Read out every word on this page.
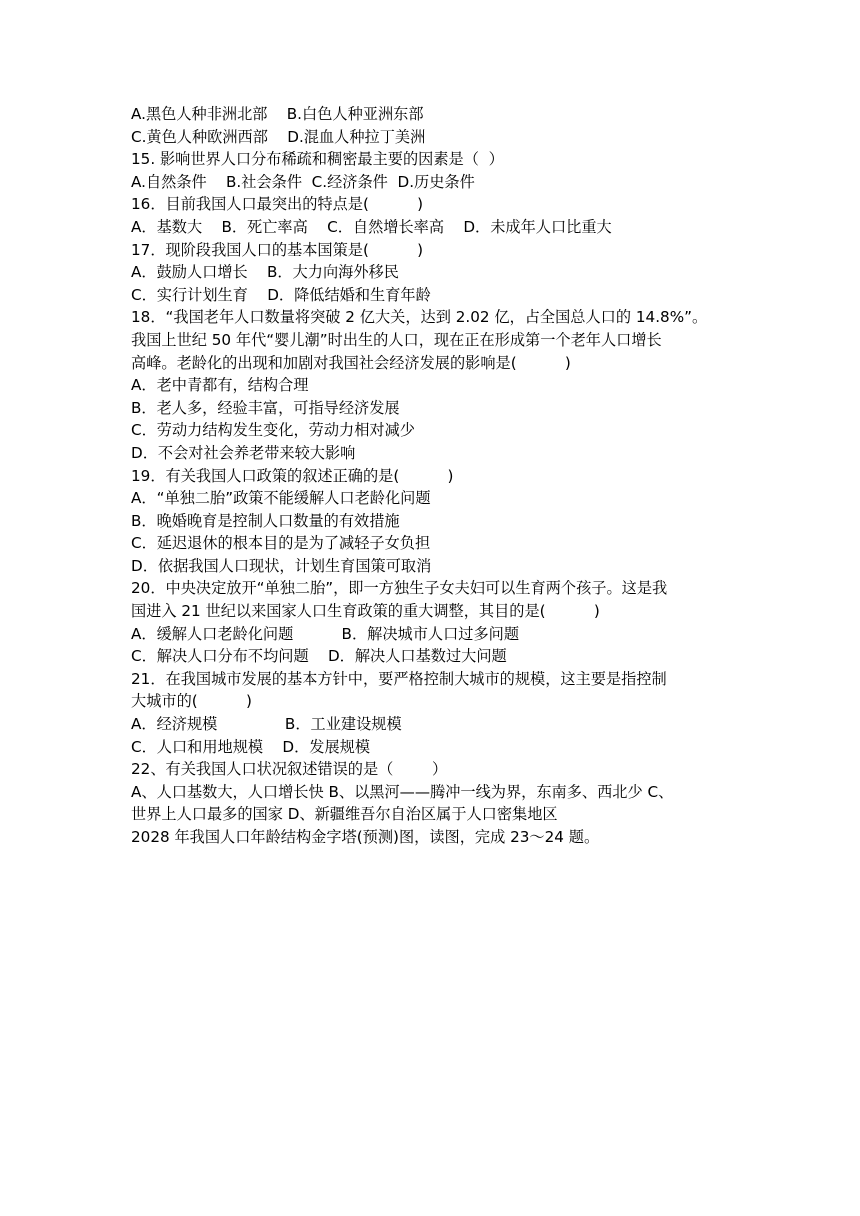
A.黑色人种非洲北部    B.白色人种亚洲东部
C.黄色人种欧洲西部    D.混血人种拉丁美洲
15. 影响世界人口分布稀疏和稠密最主要的因素是（  ）
A.自然条件    B.社会条件  C.经济条件  D.历史条件
16．目前我国人口最突出的特点是(          )
A．基数大    B．死亡率高    C．自然增长率高    D．未成年人口比重大
17．现阶段我国人口的基本国策是(          )
A．鼓励人口增长    B．大力向海外移民
C．实行计划生育    D．降低结婚和生育年龄
18．“我国老年人口数量将突破 2 亿大关，达到 2.02 亿，占全国总人口的 14.8%”。
我国上世纪 50 年代“婴儿潮”时出生的人口，现在正在形成第一个老年人口增长
高峰。老龄化的出现和加剧对我国社会经济发展的影响是(          )
A．老中青都有，结构合理
B．老人多，经验丰富，可指导经济发展
C．劳动力结构发生变化，劳动力相对减少
D．不会对社会养老带来较大影响
19．有关我国人口政策的叙述正确的是(          )
A．“单独二胎”政策不能缓解人口老龄化问题
B．晚婚晚育是控制人口数量的有效措施
C．延迟退休的根本目的是为了减轻子女负担
D．依据我国人口现状，计划生育国策可取消
20．中央决定放开“单独二胎”，即一方独生子女夫妇可以生育两个孩子。这是我
国进入 21 世纪以来国家人口生育政策的重大调整，其目的是(          )
A．缓解人口老龄化问题          B．解决城市人口过多问题
C．解决人口分布不均问题    D．解决人口基数过大问题
21．在我国城市发展的基本方针中，要严格控制大城市的规模，这主要是指控制
大城市的(          )
A．经济规模              B．工业建设规模
C．人口和用地规模    D．发展规模
22、有关我国人口状况叙述错误的是（        ）
A、人口基数大，人口增长快 B、以黑河——腾冲一线为界，东南多、西北少 C、
世界上人口最多的国家 D、新疆维吾尔自治区属于人口密集地区
2028 年我国人口年龄结构金字塔(预测)图，读图，完成 23～24 题。
